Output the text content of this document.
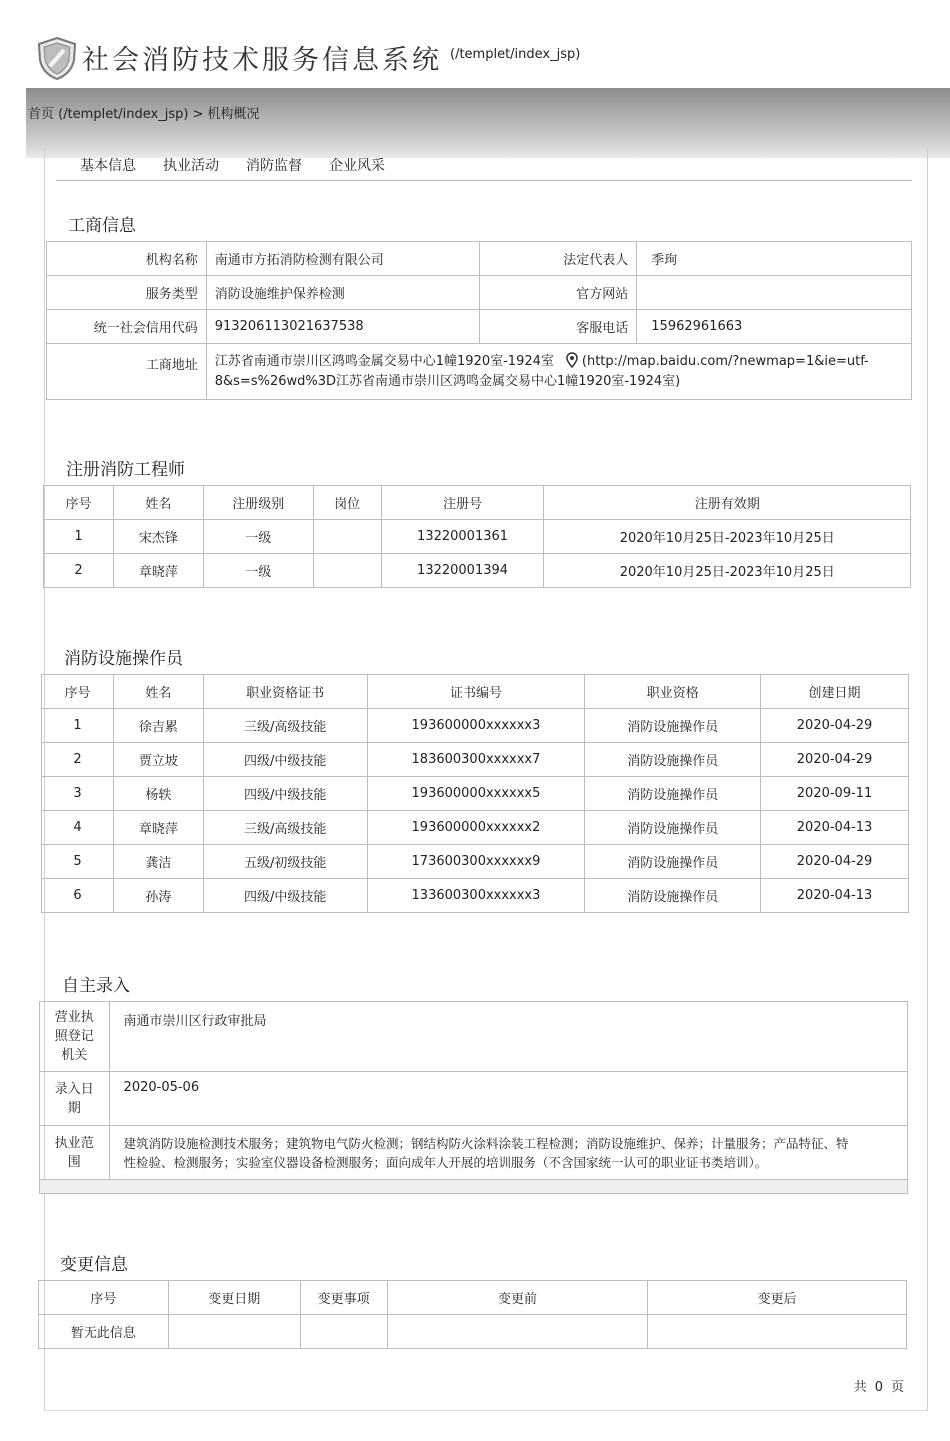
社会消防技术服务信息系统 (/templet/index_jsp)
首页 (/templet/index_jsp) > 机构概况
基本信息 执业活动 消防监督 企业风采
工商信息
机构名称	南通市方拓消防检测有限公司	法定代表人	季珣
服务类型	消防设施维护保养检测	官方网站	
统一社会信用代码	913206113021637538	客服电话	15962961663
工商地址	江苏省南通市崇川区鸿鸣金属交易中心1幢1920室-1924室 (http://map.baidu.com/?newmap=1&ie=utf-
8&s=s%26wd%3D江苏省南通市崇川区鸿鸣金属交易中心1幢1920室-1924室)		
注册消防工程师
序号	姓名	注册级别	岗位	注册号	注册有效期
1	宋杰锋	一级		13220001361	2020年10月25日-2023年10月25日
2	章晓萍	一级		13220001394	2020年10月25日-2023年10月25日
消防设施操作员
序号	姓名	职业资格证书	证书编号	职业资格	创建日期
1	徐吉累	三级/高级技能	193600000xxxxxx3	消防设施操作员	2020-04-29
2	贾立坡	四级/中级技能	183600300xxxxxx7	消防设施操作员	2020-04-29
3	杨轶	四级/中级技能	193600000xxxxxx5	消防设施操作员	2020-09-11
4	章晓萍	三级/高级技能	193600000xxxxxx2	消防设施操作员	2020-04-13
5	龚洁	五级/初级技能	173600300xxxxxx9	消防设施操作员	2020-04-29
6	孙涛	四级/中级技能	133600300xxxxxx3	消防设施操作员	2020-04-13
自主录入
营业执
照登记
机关	南通市崇川区行政审批局
录入日
期	2020-05-06
执业范
围	建筑消防设施检测技术服务；建筑物电气防火检测；钢结构防火涂料涂装工程检测；消防设施维护、保养；计量服务；产品特征、特
性检验、检测服务；实验室仪器设备检测服务；面向成年人开展的培训服务（不含国家统一认可的职业证书类培训）。

变更信息
序号	变更日期	变更事项	变更前	变更后
暂无此信息				
共 0 页
